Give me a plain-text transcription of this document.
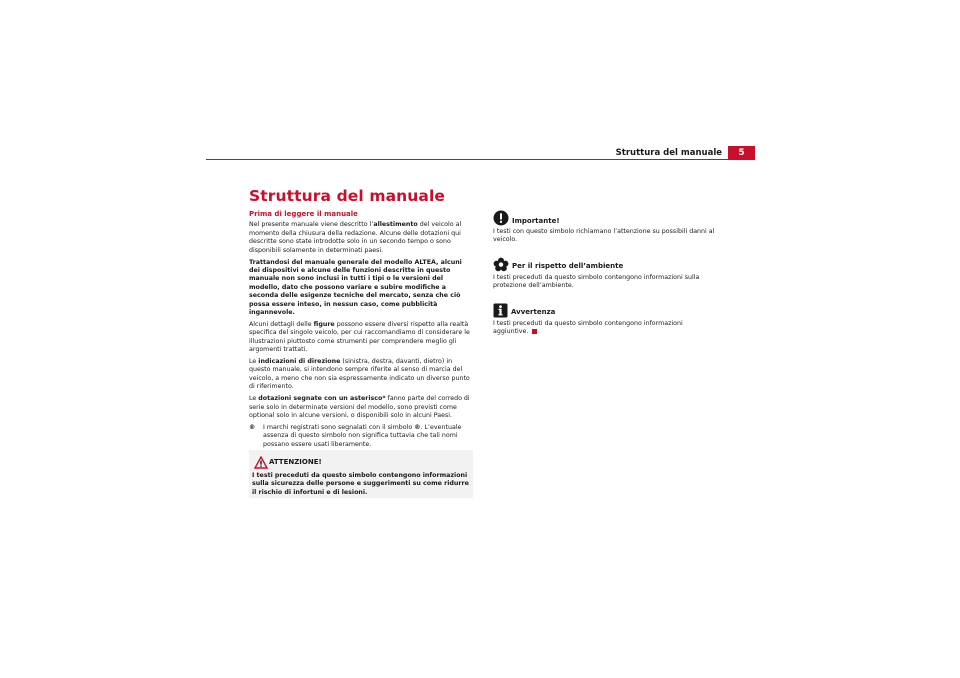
Struttura del manuale	5
Struttura del manuale
Prima di leggere il manuale

Nel presente manuale viene descritto l’allestimento del veicolo al momento della chiusura della redazione. Alcune delle dotazioni qui descritte sono state introdotte solo in un secondo tempo o sono disponibili solamente in determinati paesi.

Trattandosi del manuale generale del modello ALTEA, alcuni dei dispositivi e alcune delle funzioni descritte in questo manuale non sono inclusi in tutti i tipi o le versioni del modello, dato che possono variare e subire modifiche a seconda delle esigenze tecniche del mercato, senza che ciò possa essere inteso, in nessun caso, come pubblicità ingannevole.

Alcuni dettagli delle figure possono essere diversi rispetto alla realtà specifica del singolo veicolo, per cui raccomandiamo di considerare le illustrazioni piuttosto come strumenti per comprendere meglio gli argomenti trattati.

Le indicazioni di direzione (sinistra, destra, davanti, dietro) in questo manuale, si intendono sempre riferite al senso di marcia del veicolo, a meno che non sia espressamente indicato un diverso punto di riferimento.

Le dotazioni segnate con un asterisco* fanno parte del corredo di serie solo in determinate versioni del modello, sono previsti come optional solo in alcune versioni, o disponibili solo in alcuni Paesi.

®	I marchi registrati sono segnalati con il simbolo ®. L’eventuale assenza di questo simbolo non significa tuttavia che tali nomi possano essere usati liberamente.
ATTENZIONE!
I testi preceduti da questo simbolo contengono informazioni sulla sicurezza delle persone e suggerimenti su come ridurre il rischio di infortuni e di lesioni.
Importante!

I testi con questo simbolo richiamano l’attenzione su possibili danni al veicolo.

Per il rispetto dell’ambiente

I testi preceduti da questo simbolo contengono informazioni sulla protezione dell’ambiente.

Avvertenza

I testi preceduti da questo simbolo contengono informazioni aggiuntive.
